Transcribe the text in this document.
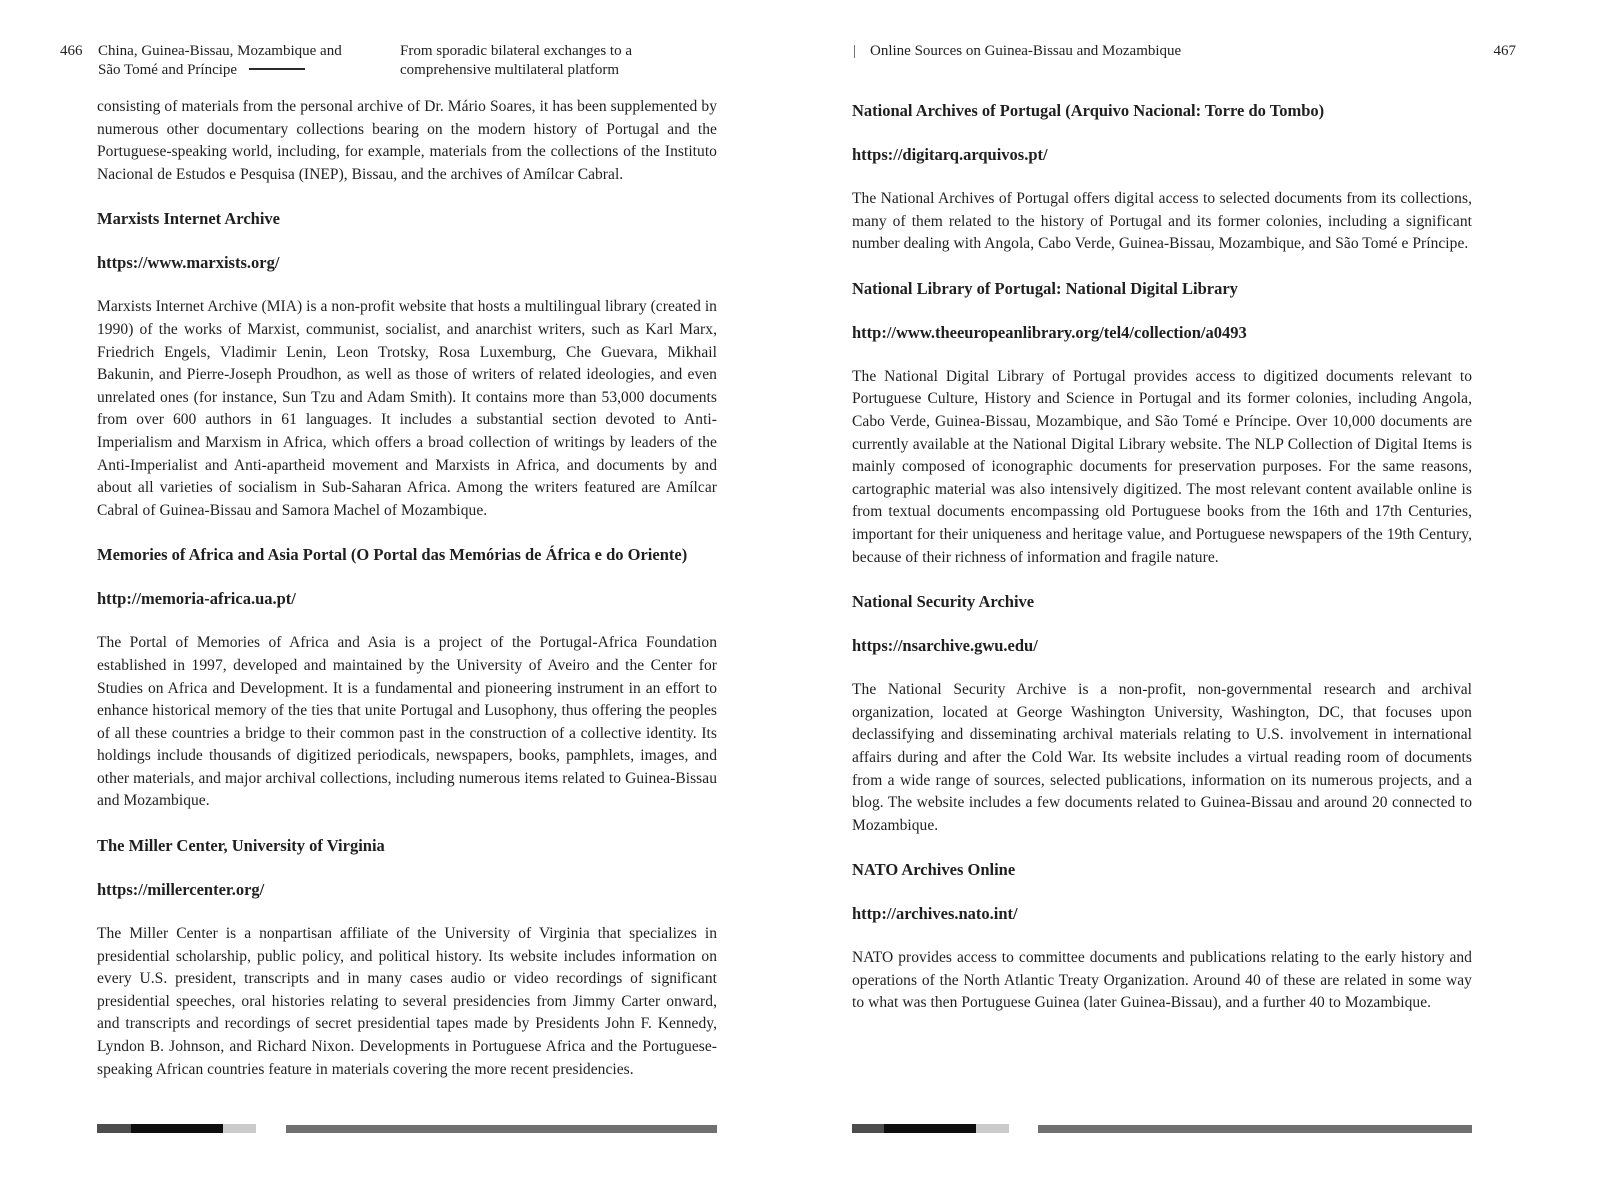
466 China, Guinea-Bissau, Mozambique and
São Tomé and Príncipe
From sporadic bilateral exchanges to a
comprehensive multilateral platform

consisting of materials from the personal archive of Dr. Mário Soares, it has been supplemented by numerous other documentary collections bearing on the modern history of Portugal and the Portuguese-speaking world, including, for example, materials from the collections of the Instituto Nacional de Estudos e Pesquisa (INEP), Bissau, and the archives of Amílcar Cabral.

Marxists Internet Archive

https://www.marxists.org/

Marxists Internet Archive (MIA) is a non-profit website that hosts a multilingual library (created in 1990) of the works of Marxist, communist, socialist, and anarchist writers, such as Karl Marx, Friedrich Engels, Vladimir Lenin, Leon Trotsky, Rosa Luxemburg, Che Guevara, Mikhail Bakunin, and Pierre-Joseph Proudhon, as well as those of writers of related ideologies, and even unrelated ones (for instance, Sun Tzu and Adam Smith). It contains more than 53,000 documents from over 600 authors in 61 languages. It includes a substantial section devoted to Anti-Imperialism and Marxism in Africa, which offers a broad collection of writings by leaders of the Anti-Imperialist and Anti-apartheid movement and Marxists in Africa, and documents by and about all varieties of socialism in Sub-Saharan Africa. Among the writers featured are Amílcar Cabral of Guinea-Bissau and Samora Machel of Mozambique.

Memories of Africa and Asia Portal (O Portal das Memórias de África e do Oriente)

http://memoria-africa.ua.pt/

The Portal of Memories of Africa and Asia is a project of the Portugal-Africa Foundation established in 1997, developed and maintained by the University of Aveiro and the Center for Studies on Africa and Development. It is a fundamental and pioneering instrument in an effort to enhance historical memory of the ties that unite Portugal and Lusophony, thus offering the peoples of all these countries a bridge to their common past in the construction of a collective identity. Its holdings include thousands of digitized periodicals, newspapers, books, pamphlets, images, and other materials, and major archival collections, including numerous items related to Guinea-Bissau and Mozambique.

The Miller Center, University of Virginia

https://millercenter.org/

The Miller Center is a nonpartisan affiliate of the University of Virginia that specializes in presidential scholarship, public policy, and political history. Its website includes information on every U.S. president, transcripts and in many cases audio or video recordings of significant presidential speeches, oral histories relating to several presidencies from Jimmy Carter onward, and transcripts and recordings of secret presidential tapes made by Presidents John F. Kennedy, Lyndon B. Johnson, and Richard Nixon. Developments in Portuguese Africa and the Portuguese-speaking African countries feature in materials covering the more recent presidencies.

| Online Sources on Guinea-Bissau and Mozambique	467
National Archives of Portugal (Arquivo Nacional: Torre do Tombo)

https://digitarq.arquivos.pt/

The National Archives of Portugal offers digital access to selected documents from its collections, many of them related to the history of Portugal and its former colonies, including a significant number dealing with Angola, Cabo Verde, Guinea-Bissau, Mozambique, and São Tomé e Príncipe.

National Library of Portugal: National Digital Library

http://www.theeuropeanlibrary.org/tel4/collection/a0493

The National Digital Library of Portugal provides access to digitized documents relevant to Portuguese Culture, History and Science in Portugal and its former colonies, including Angola, Cabo Verde, Guinea-Bissau, Mozambique, and São Tomé e Príncipe. Over 10,000 documents are currently available at the National Digital Library website. The NLP Collection of Digital Items is mainly composed of iconographic documents for preservation purposes. For the same reasons, cartographic material was also intensively digitized. The most relevant content available online is from textual documents encompassing old Portuguese books from the 16th and 17th Centuries, important for their uniqueness and heritage value, and Portuguese newspapers of the 19th Century, because of their richness of information and fragile nature.

National Security Archive

https://nsarchive.gwu.edu/

The National Security Archive is a non-profit, non-governmental research and archival organization, located at George Washington University, Washington, DC, that focuses upon declassifying and disseminating archival materials relating to U.S. involvement in international affairs during and after the Cold War. Its website includes a virtual reading room of documents from a wide range of sources, selected publications, information on its numerous projects, and a blog. The website includes a few documents related to Guinea-Bissau and around 20 connected to Mozambique.

NATO Archives Online

http://archives.nato.int/

NATO provides access to committee documents and publications relating to the early history and operations of the North Atlantic Treaty Organization. Around 40 of these are related in some way to what was then Portuguese Guinea (later Guinea-Bissau), and a further 40 to Mozambique.
